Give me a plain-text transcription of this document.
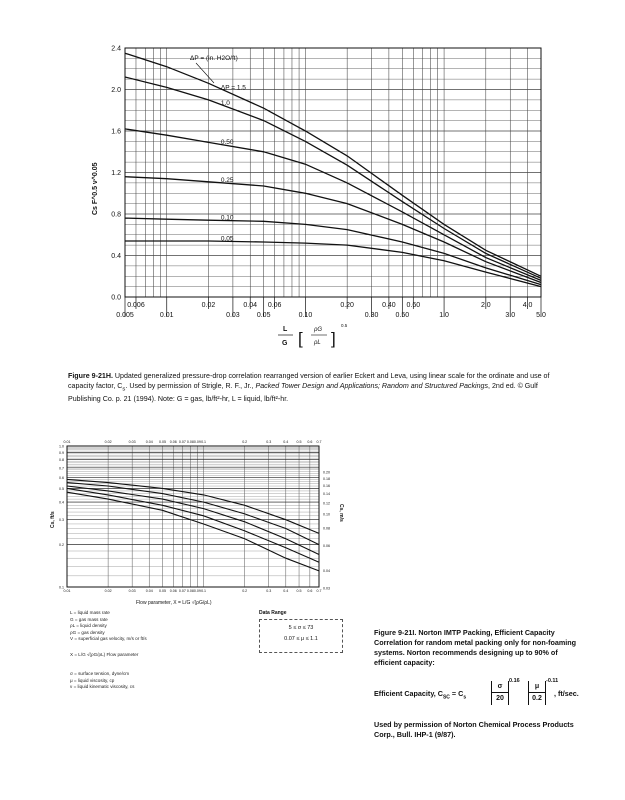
ΔP = 1.5
1.0
0.50
0.25
0.10
0.05
0.0
0.4
0.8
1.2
1.6
2.0
2.4
0.006	0.02	0.04 0.06	0.20	0.40 0.60	2.0	4.0
0.005	0.01	0.03 0.05	0.10	0.30 0.50	1.0	3.0	5.0
ΔP = (in. H2O/ft)
Cs F^0.5 ν^0.05
L
G [ ρG
ρL ]
0.5
Figure 9-21H. Updated generalized pressure-drop correlation rearranged version of earlier Eckert and Leva, using linear scale for the ordinate and use of capacity factor, $C_s$. Used by permission of Strigle, R. F., Jr., Packed Tower Design and Applications; Random and Structured Packings, 2nd ed. © Gulf Publishing Co. p. 21 (1994). Note: G = gas, lb/ft²-hr, L = liquid, lb/ft²-hr.
0.01
0.01
0.02
0.02
0.03
0.03
0.04
0.04
0.05
0.05
0.06
0.06
0.07
0.07
0.08
0.08
0.09
0.09
0.1
0.1
0.2
0.2
0.3
0.3
0.4
0.4
0.5
0.5
0.6
0.6
0.7
0.7
0.1
0.2
0.3
0.4
0.5
0.6
0.7
0.8
0.9
1.0
0.03
0.04
0.06
0.08
0.10
0.12
0.14
0.16
0.18
0.20
Cs, ft/s	Cs, m/s
Flow parameter, X = L/G √(ρG/ρL)
L = liquid mass rate
G = gas mass rate
ρL = liquid density
ρG = gas density
V = superficial gas velocity, m/s or ft/s
X = L/G √(ρG/ρL) Flow parameter
σ = surface tension, dyne/cm
μ = liquid viscosity, cp
ν = liquid kinematic viscosity, cs
Data Range
5 ≤ σ ≤ 73
0.07 ≤ μ ≤ 1.1
Figure 9-21I. Norton IMTP Packing, Efficient Capacity Correlation for random metal packing only for non-foaming systems. Norton recommends designing up to 90% of efficient capacity:
Efficient Capacity, $C_{SC} = C_s$
σ
20
0.16
μ
0.2
-0.11
, ft/sec.
Used by permission of Norton Chemical Process Products Corp., Bull. IHP-1 (9/87).
